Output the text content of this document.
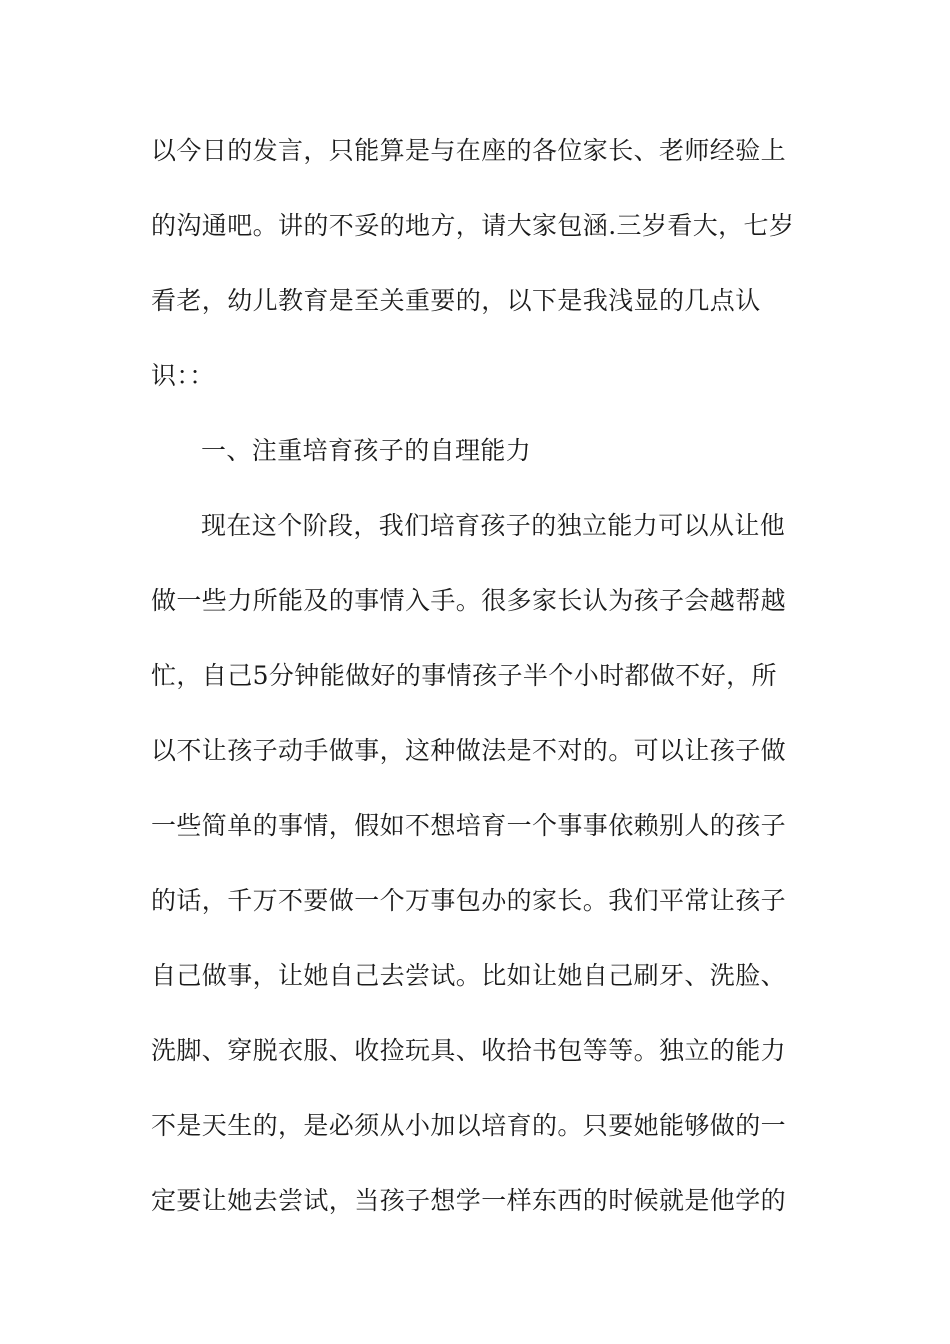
以今日的发言，只能算是与在座的各位家长、老师经验上
的沟通吧。讲的不妥的地方，请大家包涵.三岁看大，七岁
看老，幼儿教育是至关重要的，以下是我浅显的几点认
识：：
一、注重培育孩子的自理能力
现在这个阶段，我们培育孩子的独立能力可以从让他
做一些力所能及的事情入手。很多家长认为孩子会越帮越
忙，自己5分钟能做好的事情孩子半个小时都做不好，所
以不让孩子动手做事，这种做法是不对的。可以让孩子做
一些简单的事情，假如不想培育一个事事依赖别人的孩子
的话，千万不要做一个万事包办的家长。我们平常让孩子
自己做事，让她自己去尝试。比如让她自己刷牙、洗脸、
洗脚、穿脱衣服、收捡玩具、收拾书包等等。独立的能力
不是天生的，是必须从小加以培育的。只要她能够做的一
定要让她去尝试，当孩子想学一样东西的时候就是他学的
